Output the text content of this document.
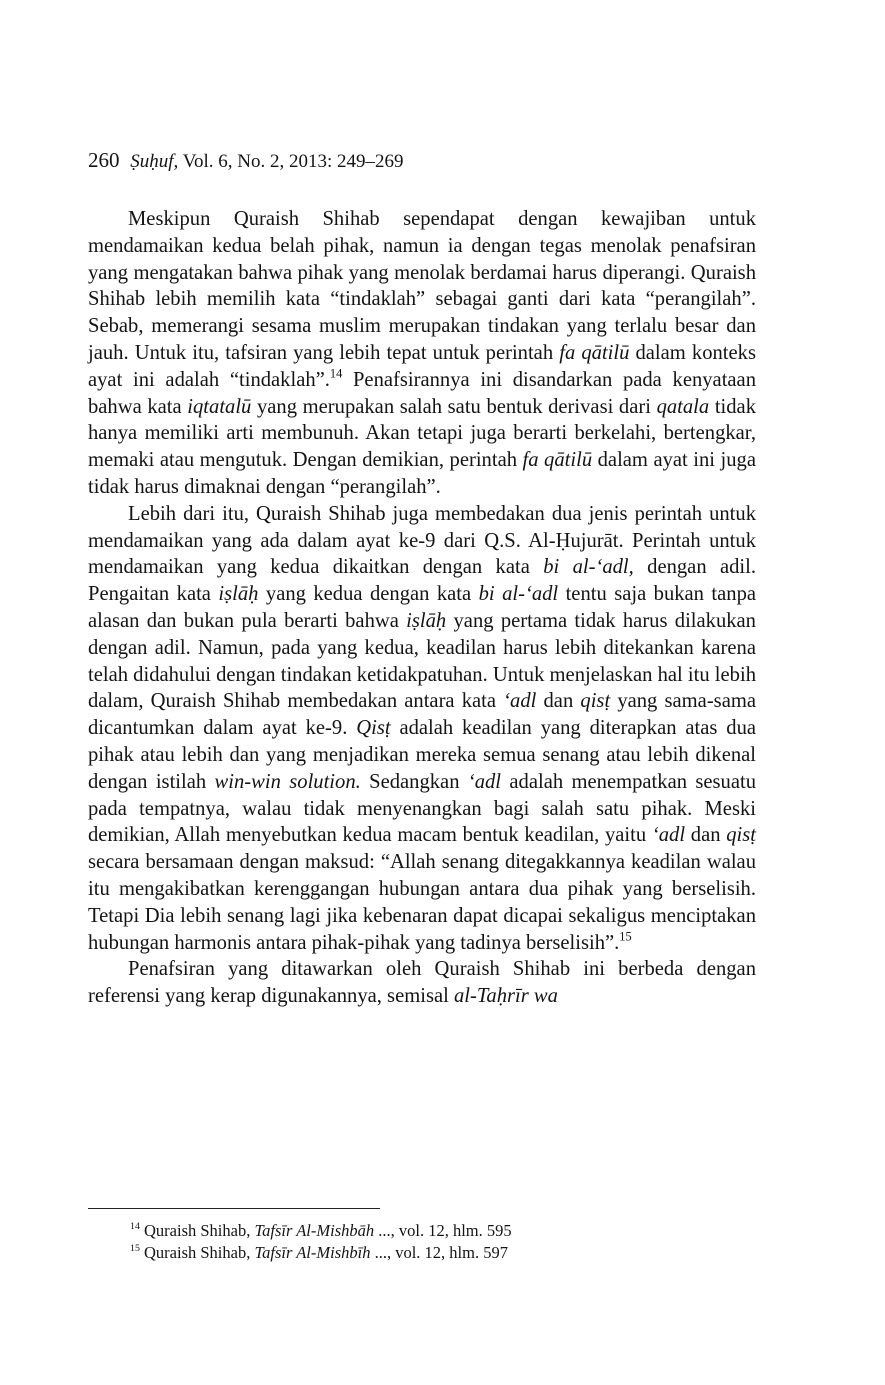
260 Ṣuḥuf, Vol. 6, No. 2, 2013: 249–269

Meskipun Quraish Shihab sependapat dengan kewajiban untuk mendamaikan kedua belah pihak, namun ia dengan tegas menolak penafsiran yang mengatakan bahwa pihak yang menolak berdamai harus diperangi. Quraish Shihab lebih memilih kata “tindaklah” sebagai ganti dari kata “perangilah”. Sebab, memerangi sesama muslim merupakan tindakan yang terlalu besar dan jauh. Untuk itu, tafsiran yang lebih tepat untuk perintah fa qātilū dalam konteks ayat ini adalah “tindaklah”.$^{14}$ Penafsirannya ini disandarkan pada kenyataan bahwa kata iqtatalū yang merupakan salah satu bentuk derivasi dari qatala tidak hanya memiliki arti membunuh. Akan tetapi juga berarti berkelahi, bertengkar, memaki atau mengutuk. Dengan demikian, perintah fa qātilū dalam ayat ini juga tidak harus dimaknai dengan “perangilah”.

Lebih dari itu, Quraish Shihab juga membedakan dua jenis perintah untuk mendamaikan yang ada dalam ayat ke-9 dari Q.S. Al-Ḥujurāt. Perintah untuk mendamaikan yang kedua dikaitkan dengan kata bi al-‘adl, dengan adil. Pengaitan kata iṣlāḥ yang kedua dengan kata bi al-‘adl tentu saja bukan tanpa alasan dan bukan pula berarti bahwa iṣlāḥ yang pertama tidak harus dilakukan dengan adil. Namun, pada yang kedua, keadilan harus lebih ditekankan karena telah didahului dengan tindakan ketidakpatuhan. Untuk menjelaskan hal itu lebih dalam, Quraish Shihab membedakan antara kata ‘adl dan qisṭ yang sama-sama dicantumkan dalam ayat ke-9. Qisṭ adalah keadilan yang diterapkan atas dua pihak atau lebih dan yang menjadikan mereka semua senang atau lebih dikenal dengan istilah win-win solution. Sedangkan ‘adl adalah menempatkan sesuatu pada tempatnya, walau tidak menyenangkan bagi salah satu pihak. Meski demikian, Allah menyebutkan kedua macam bentuk keadilan, yaitu ‘adl dan qisṭ secara bersamaan dengan maksud: “Allah senang ditegakkannya keadilan walau itu mengakibatkan kerenggangan hubungan antara dua pihak yang berselisih. Tetapi Dia lebih senang lagi jika kebenaran dapat dicapai sekaligus menciptakan hubungan harmonis antara pihak-pihak yang tadinya berselisih”.$^{15}$

Penafsiran yang ditawarkan oleh Quraish Shihab ini berbeda dengan referensi yang kerap digunakannya, semisal al-Taḥrīr wa

$^{14}$ Quraish Shihab, Tafsīr Al-Mishbāh ..., vol. 12, hlm. 595

$^{15}$ Quraish Shihab, Tafsīr Al-Mishbīh ..., vol. 12, hlm. 597
